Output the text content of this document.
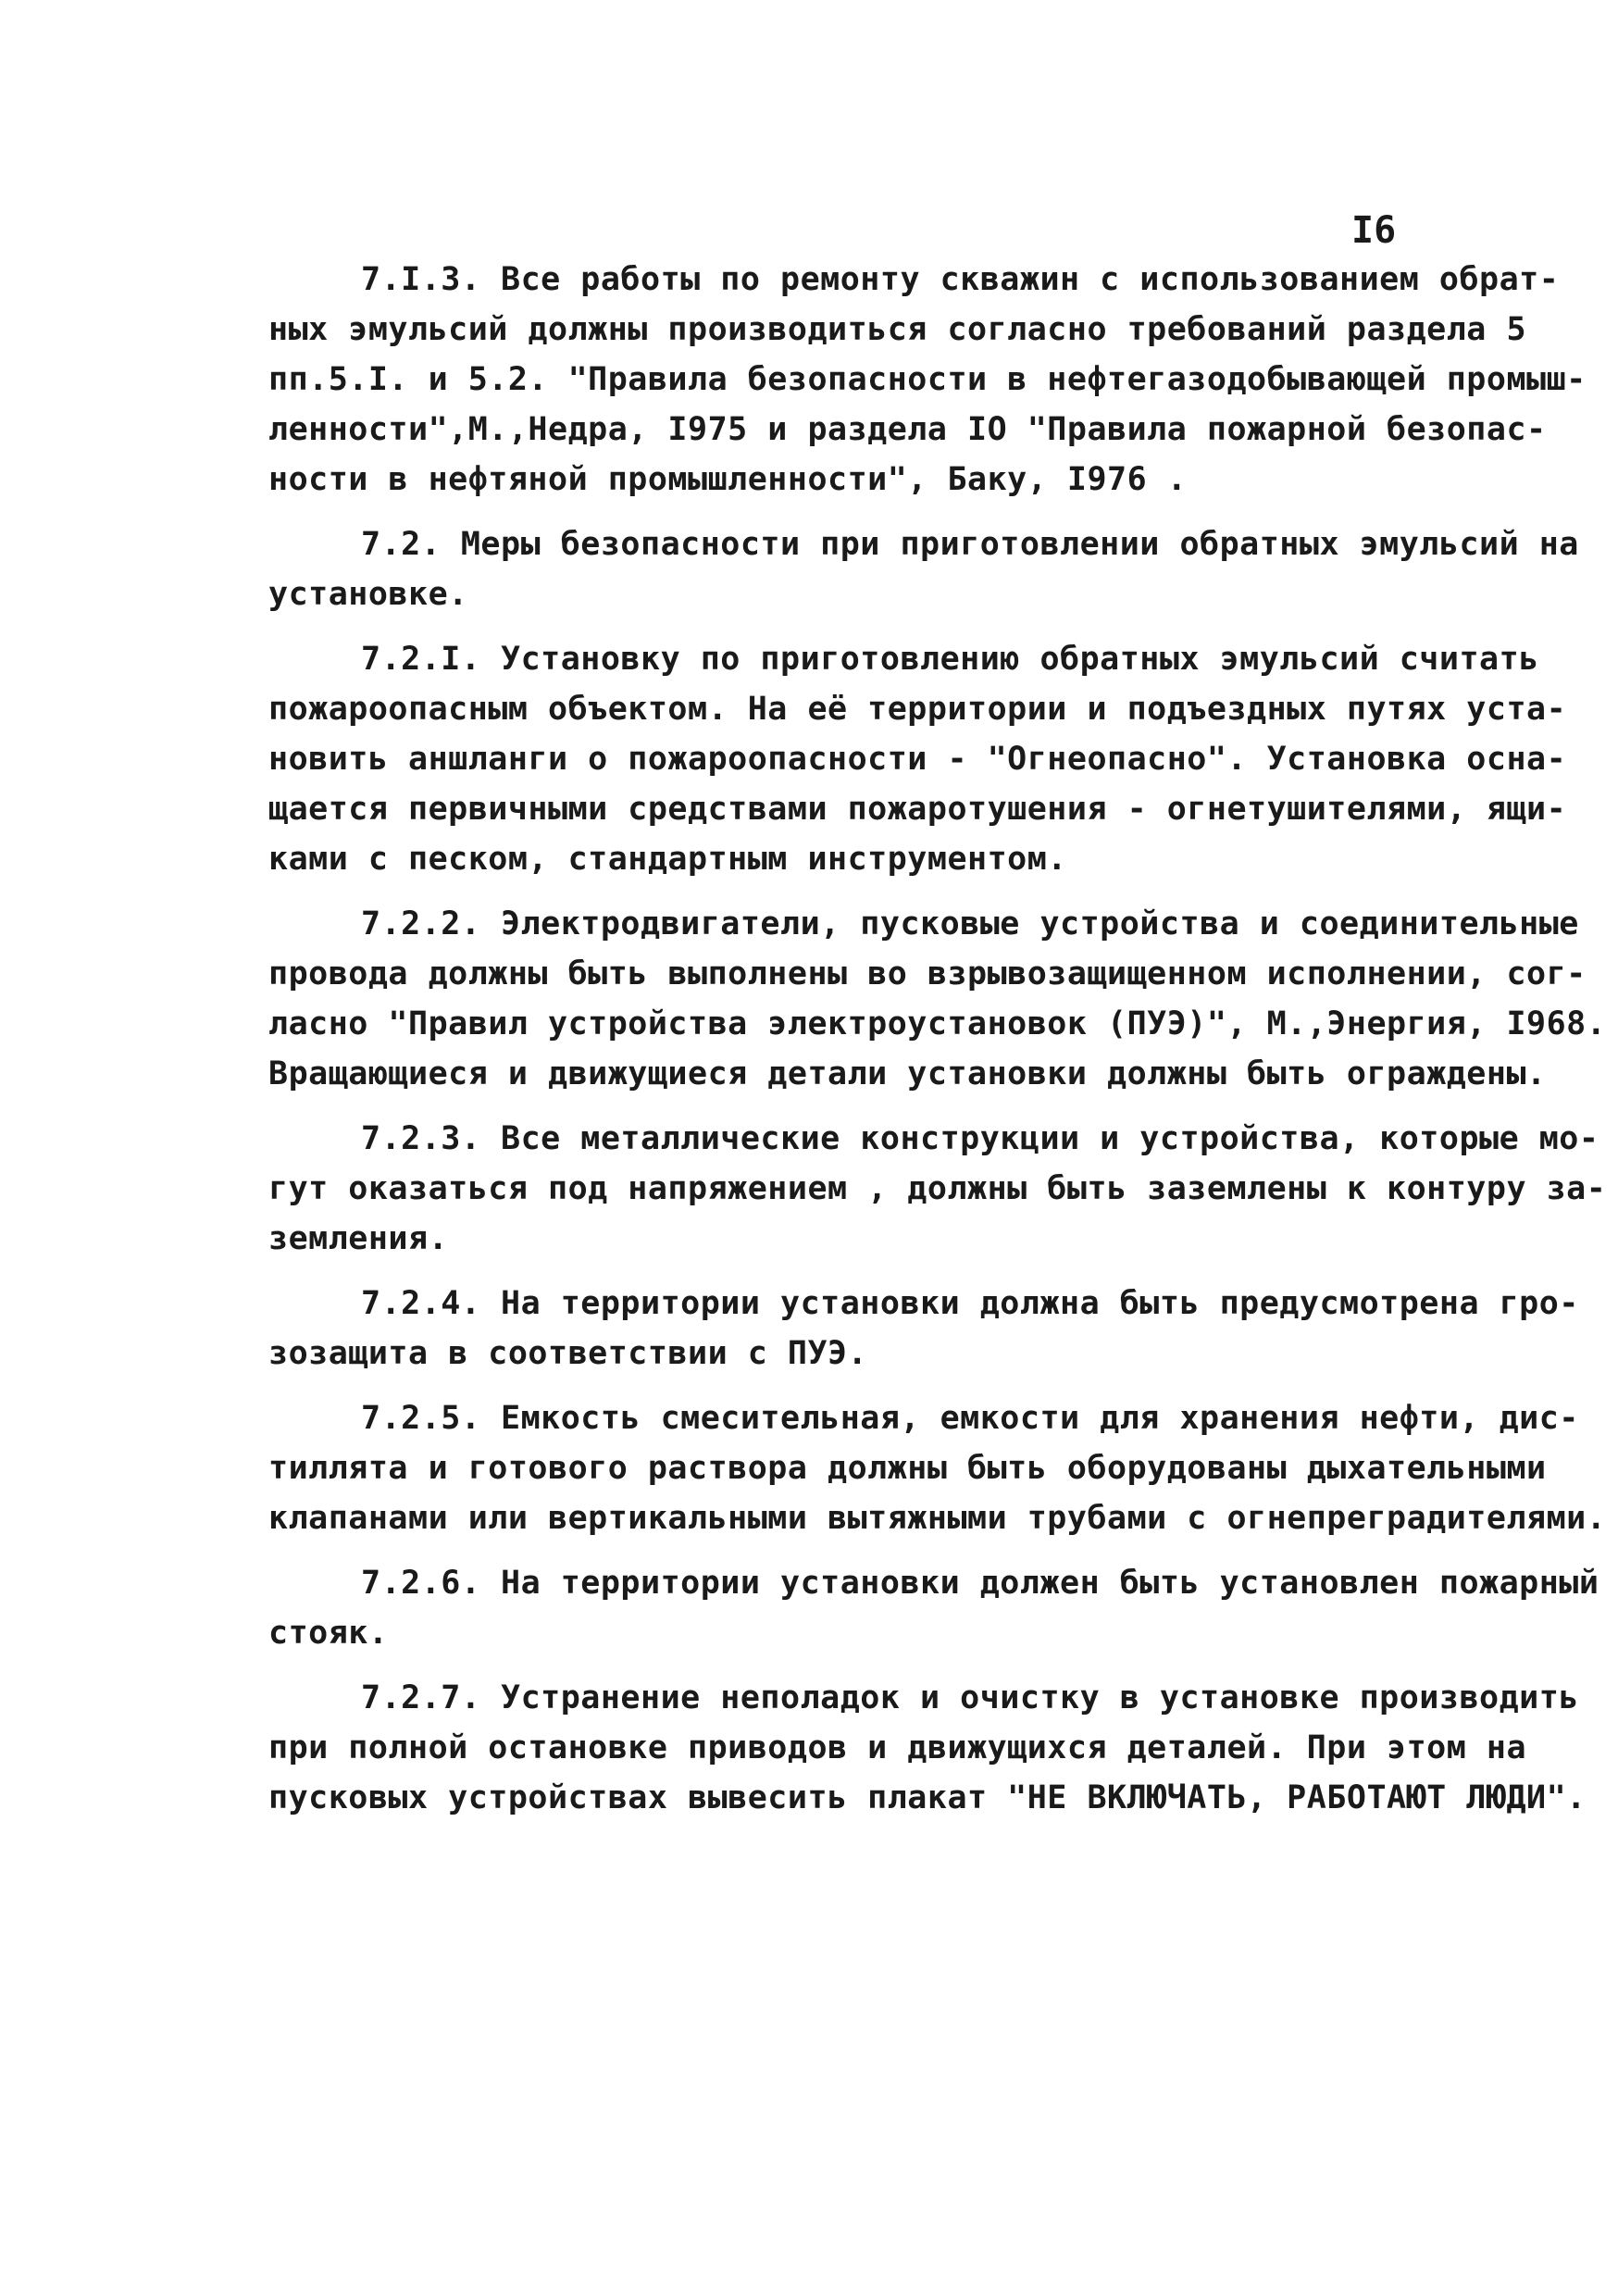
I6
7.I.3. Все работы по ремонту скважин с использованием обрат-
ных эмульсий должны производиться согласно требований раздела 5
пп.5.I. и 5.2. "Правила безопасности в нефтегазодобывающей промыш-
ленности",М.,Недра, I975 и раздела IO "Правила пожарной безопас-
ности в нефтяной промышленности", Баку, I976 .
7.2. Меры безопасности при приготовлении обратных эмульсий на
установке.
7.2.I. Установку по приготовлению обратных эмульсий считать
пожароопасным объектом. На её территории и подъездных путях уста-
новить аншланги о пожароопасности - "Огнеопасно". Установка осна-
щается первичными средствами пожаротушения - огнетушителями, ящи-
ками с песком, стандартным инструментом.
7.2.2. Электродвигатели, пусковые устройства и соединительные
провода должны быть выполнены во взрывозащищенном исполнении, сог-
ласно "Правил устройства электроустановок (ПУЭ)", М.,Энергия, I968.
Вращающиеся и движущиеся детали установки должны быть ограждены.
7.2.3. Все металлические конструкции и устройства, которые мо-
гут оказаться под напряжением , должны быть заземлены к контуру за-
земления.
7.2.4. На территории установки должна быть предусмотрена гро-
зозащита в соответствии с ПУЭ.
7.2.5. Емкость смесительная, емкости для хранения нефти, дис-
тиллята и готового раствора должны быть оборудованы дыхательными
клапанами или вертикальными вытяжными трубами с огнепреградителями.
7.2.6. На территории установки должен быть установлен пожарный
стояк.
7.2.7. Устранение неполадок и очистку в установке производить
при полной остановке приводов и движущихся деталей. При этом на
пусковых устройствах вывесить плакат "НЕ ВКЛЮЧАТЬ, РАБОТАЮТ ЛЮДИ".
